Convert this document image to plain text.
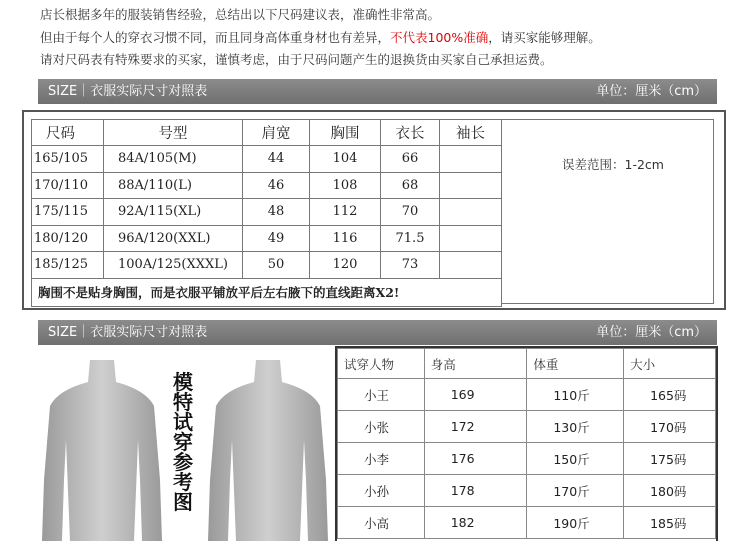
店长根据多年的服装销售经验，总结出以下尺码建议表，准确性非常高。

但由于每个人的穿衣习惯不同，而且同身高体重身材也有差异，不代表100%准确，请买家能够理解。

请对尺码表有特殊要求的买家，谨慎考虑，由于尺码问题产生的退换货由买家自己承担运费。

SIZE｜衣服实际尺寸对照表	单位：厘米（cm）
尺码	号型	肩宽	胸围	衣长	袖长
165/105	84A/105(M)	44	104	66	
170/110	88A/110(L)	46	108	68	
175/115	92A/115(XL)	48	112	70	
180/120	96A/120(XXL)	49	116	71.5	
185/125	100A/125(XXXL)	50	120	73	
胸围不是贴身胸围，而是衣服平铺放平后左右腋下的直线距离X2!					
误差范围：1-2cm
SIZE｜衣服实际尺寸对照表	单位：厘米（cm）
模
特
试
穿
参
考
图
试穿人物	身高	体重	大小
小王	169	110斤	165码
小张	172	130斤	170码
小李	176	150斤	175码
小孙	178	170斤	180码
小高	182	190斤	185码
